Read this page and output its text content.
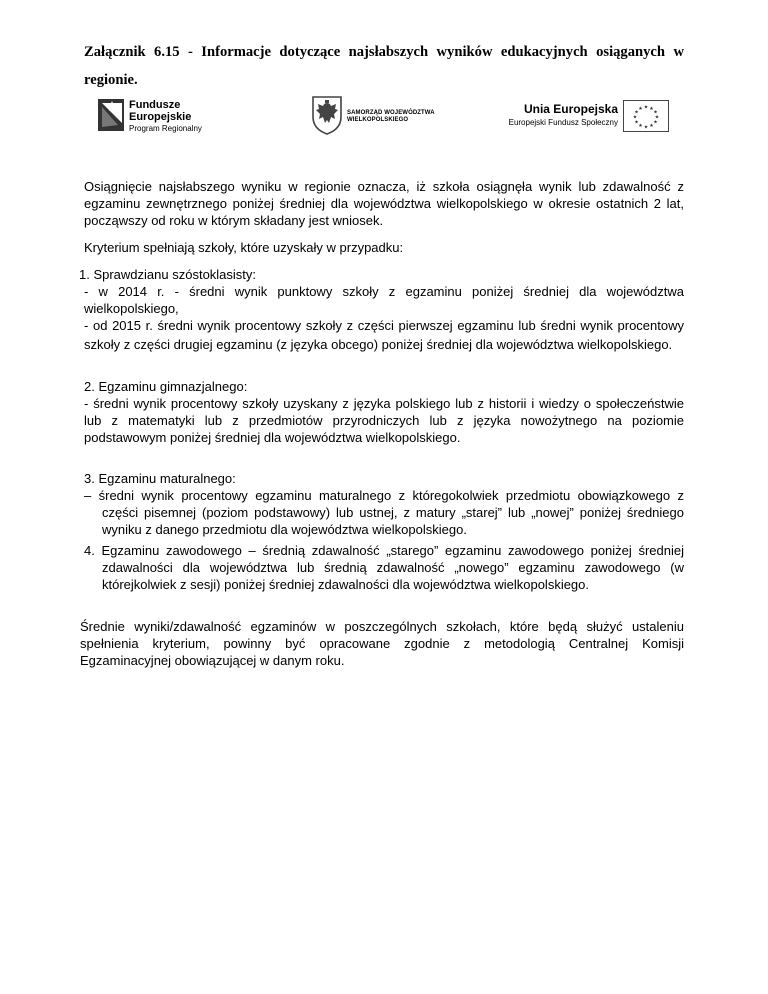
Załącznik 6.15 - Informacje dotyczące najsłabszych wyników edukacyjnych osiąganych w regionie.
Fundusze
Europejskie
Program Regionalny
SAMORZĄD WOJEWÓDZTWA
WIELKOPOLSKIEGO
Unia Europejska
Europejski Fundusz Społeczny
★ ★
★
★
★
★
★
★
★
★
★
★

Osiągnięcie najsłabszego wyniku w regionie oznacza, iż szkoła osiągnęła wynik lub zdawalność z egzaminu zewnętrznego poniżej średniej dla województwa wielkopolskiego w okresie ostatnich 2 lat, począwszy od roku w którym składany jest wniosek.

Kryterium spełniają szkoły, które uzyskały w przypadku:

1. Sprawdzianu szóstoklasisty:

- w 2014 r. - średni wynik punktowy szkoły z egzaminu poniżej średniej dla województwa wielkopolskiego,

- od 2015 r. średni wynik procentowy szkoły z części pierwszej egzaminu lub średni wynik procentowy szkoły z części drugiej egzaminu (z języka obcego) poniżej średniej dla województwa wielkopolskiego.

2. Egzaminu gimnazjalnego:

- średni wynik procentowy szkoły uzyskany z języka polskiego lub z historii i wiedzy o społeczeństwie lub z matematyki lub z przedmiotów przyrodniczych lub z języka nowożytnego na poziomie podstawowym poniżej średniej dla województwa wielkopolskiego.

3. Egzaminu maturalnego:

– średni wynik procentowy egzaminu maturalnego z któregokolwiek przedmiotu obowiązkowego z części pisemnej (poziom podstawowy) lub ustnej, z matury „starej” lub „nowej” poniżej średniego wyniku z danego przedmiotu dla województwa wielkopolskiego.

4. Egzaminu zawodowego – średnią zdawalność „starego” egzaminu zawodowego poniżej średniej zdawalności dla województwa lub średnią zdawalność „nowego” egzaminu zawodowego (w którejkolwiek z sesji) poniżej średniej zdawalności dla województwa wielkopolskiego.

Średnie wyniki/zdawalność egzaminów w poszczególnych szkołach, które będą służyć ustaleniu spełnienia kryterium, powinny być opracowane zgodnie z metodologią Centralnej Komisji Egzaminacyjnej obowiązującej w danym roku.
